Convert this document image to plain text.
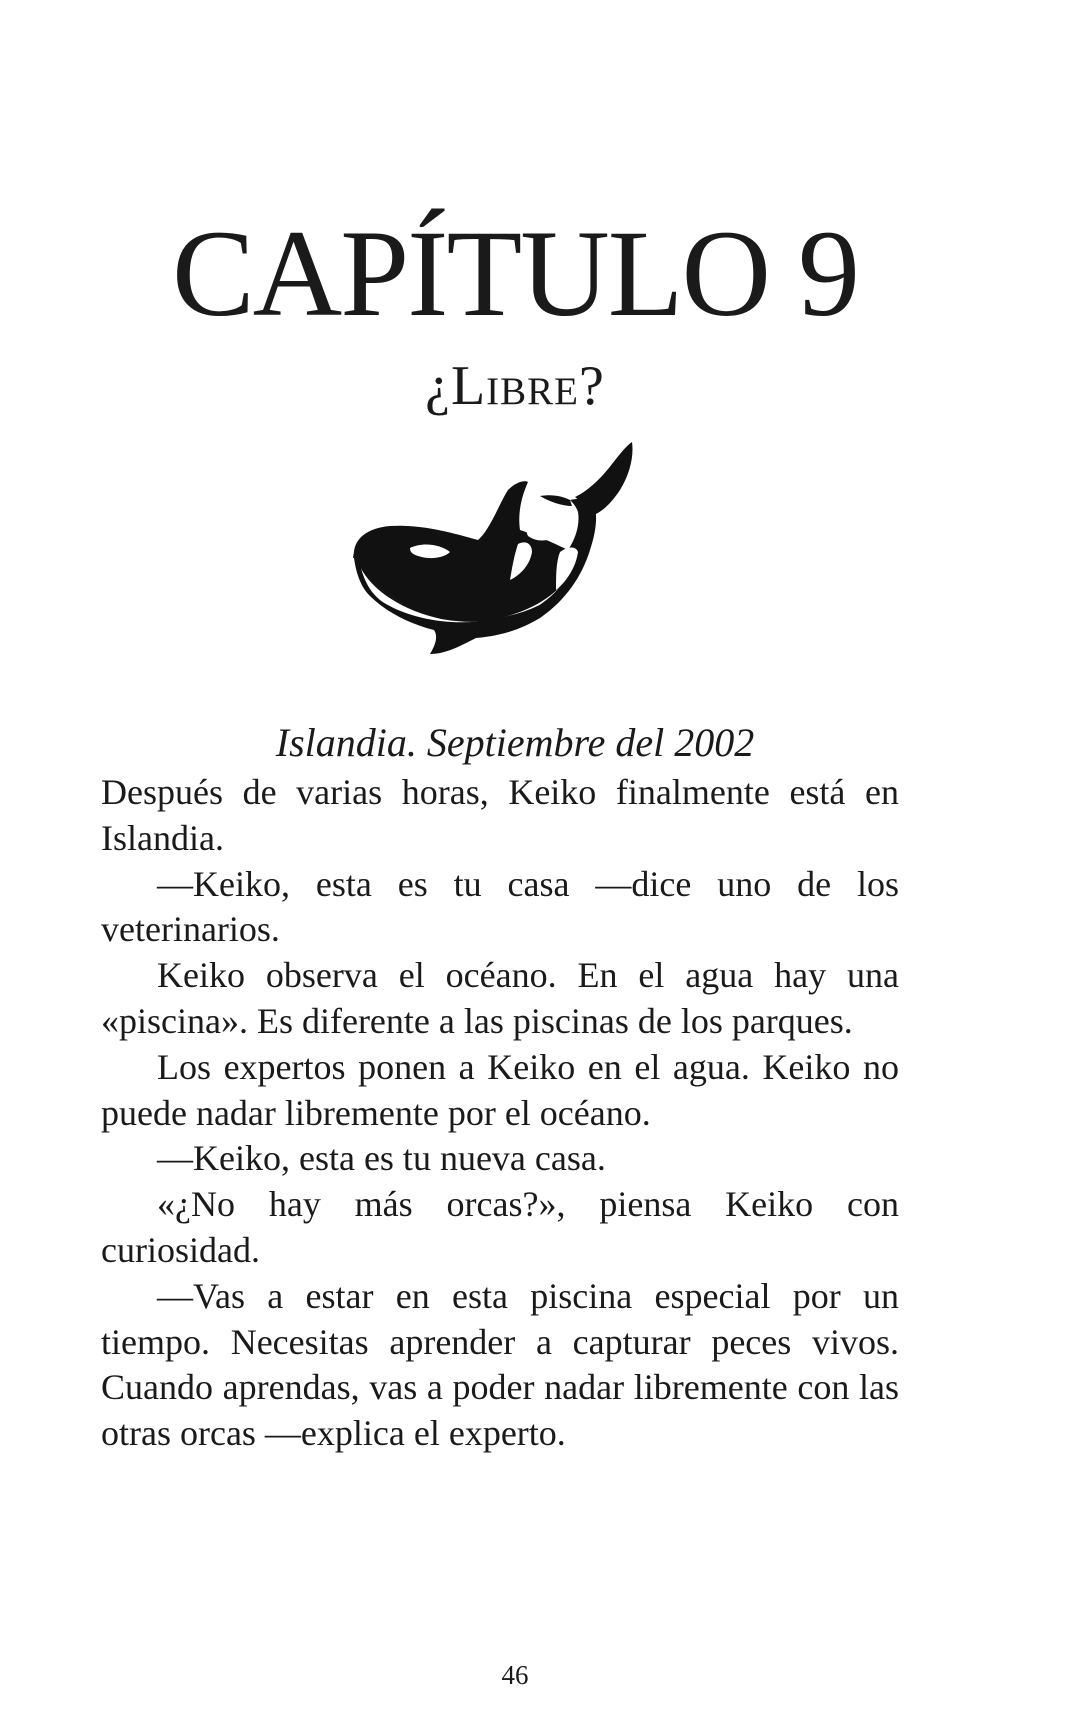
CAPÍTULO 9
¿Libre?
Islandia. Septiembre del 2002

Después de varias horas, Keiko finalmente está en Islandia.

—Keiko, esta es tu casa —dice uno de los veterinarios.

Keiko observa el océano. En el agua hay una «piscina». Es diferente a las piscinas de los parques.

Los expertos ponen a Keiko en el agua. Keiko no puede nadar libremente por el océano.

—Keiko, esta es tu nueva casa.

«¿No hay más orcas?», piensa Keiko con curiosidad.

—Vas a estar en esta piscina especial por un tiempo. Necesitas aprender a capturar peces vivos. Cuando aprendas, vas a poder nadar libremente con las otras orcas —explica el experto.

46
